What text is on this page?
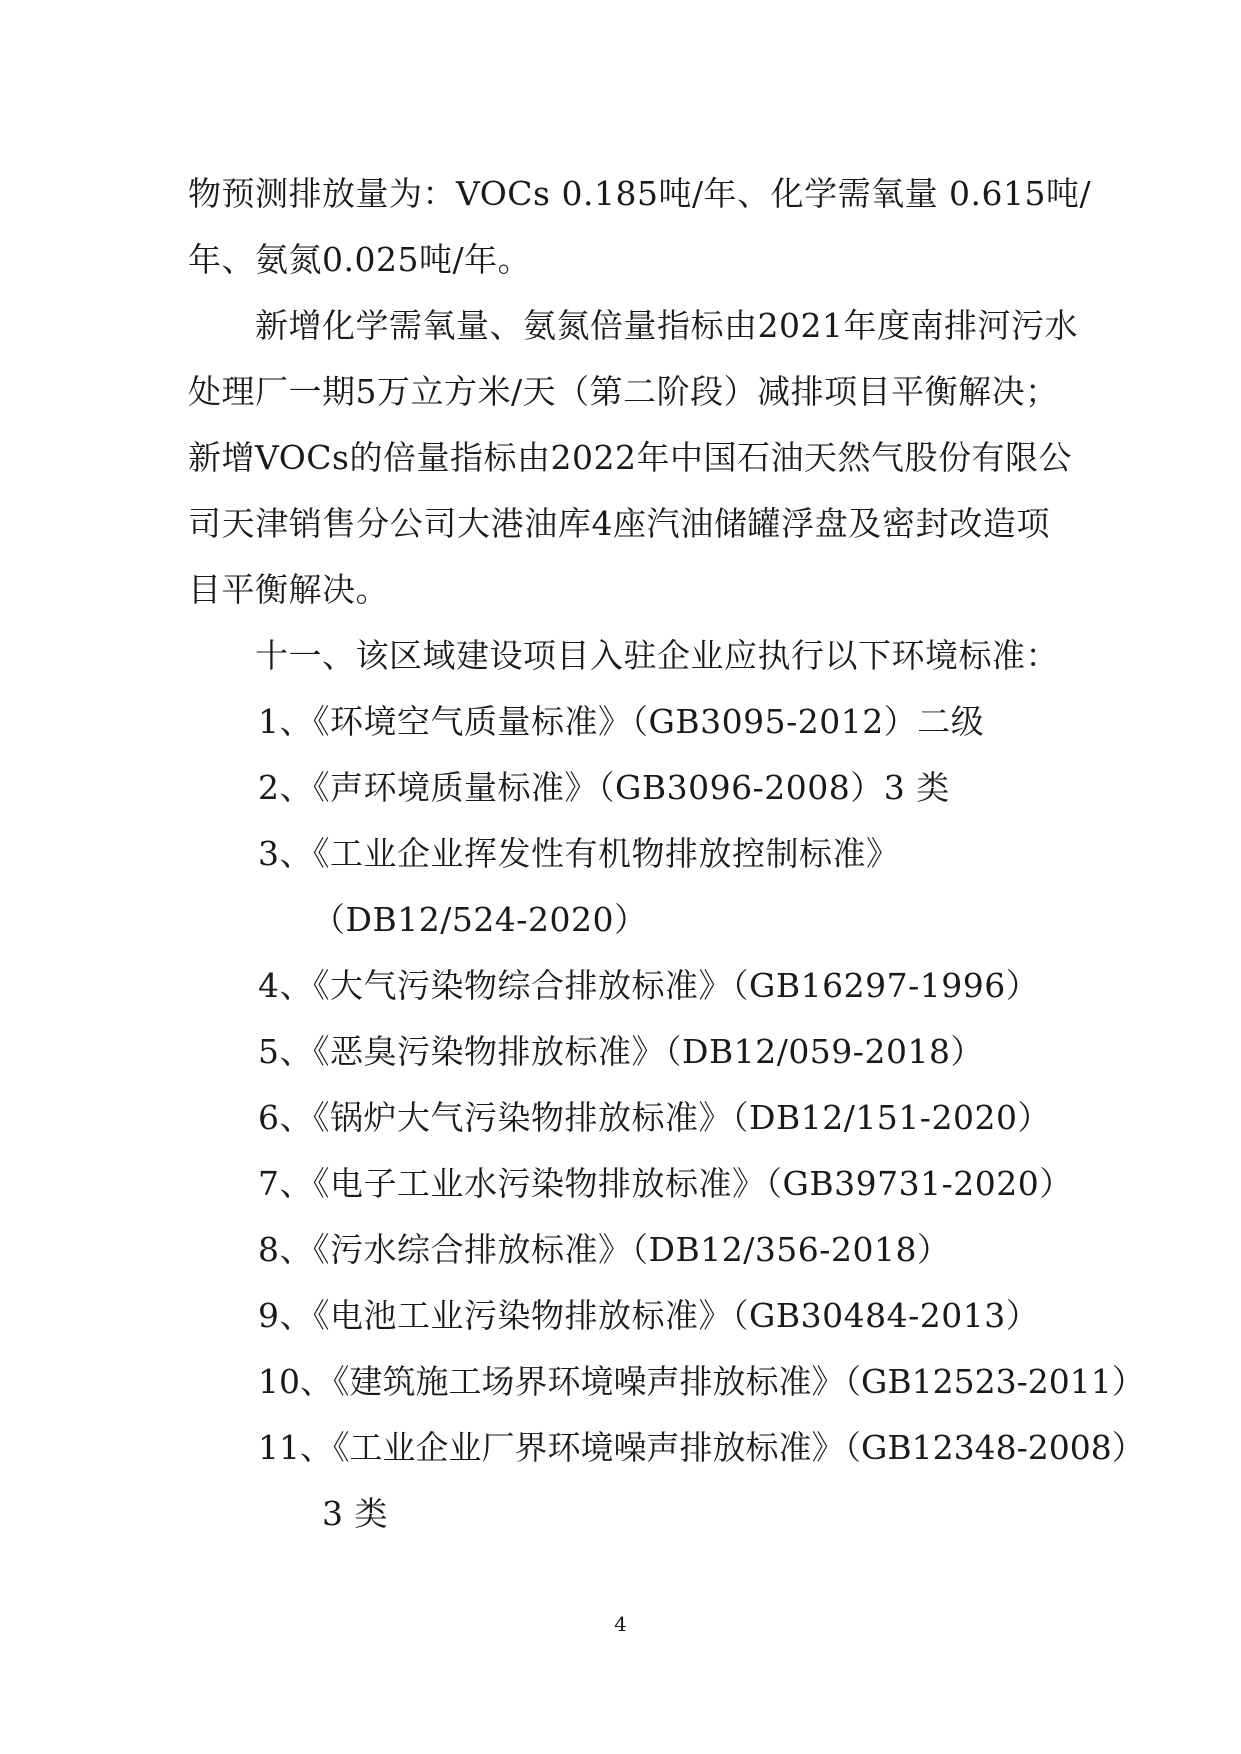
物预测排放量为：VOCs 0.185吨/年、化学需氧量 0.615吨/
年、氨氮0.025吨/年。
新增化学需氧量、氨氮倍量指标由2021年度南排河污水
处理厂一期5万立方米/天（第二阶段）减排项目平衡解决；
新增VOCs的倍量指标由2022年中国石油天然气股份有限公
司天津销售分公司大港油库4座汽油储罐浮盘及密封改造项
目平衡解决。
十一、该区域建设项目入驻企业应执行以下环境标准：
1、《环境空气质量标准》（GB3095-2012）二级
2、《声环境质量标准》（GB3096-2008）3 类
3、《工业企业挥发性有机物排放控制标准》
（DB12/524-2020）
4、《大气污染物综合排放标准》（GB16297-1996）
5、《恶臭污染物排放标准》（DB12/059-2018）
6、《锅炉大气污染物排放标准》（DB12/151-2020）
7、《电子工业水污染物排放标准》（GB39731-2020）
8、《污水综合排放标准》（DB12/356-2018）
9、《电池工业污染物排放标准》（GB30484-2013）
10、《建筑施工场界环境噪声排放标准》（GB12523-2011）
11、《工业企业厂界环境噪声排放标准》（GB12348-2008）
3 类
4
